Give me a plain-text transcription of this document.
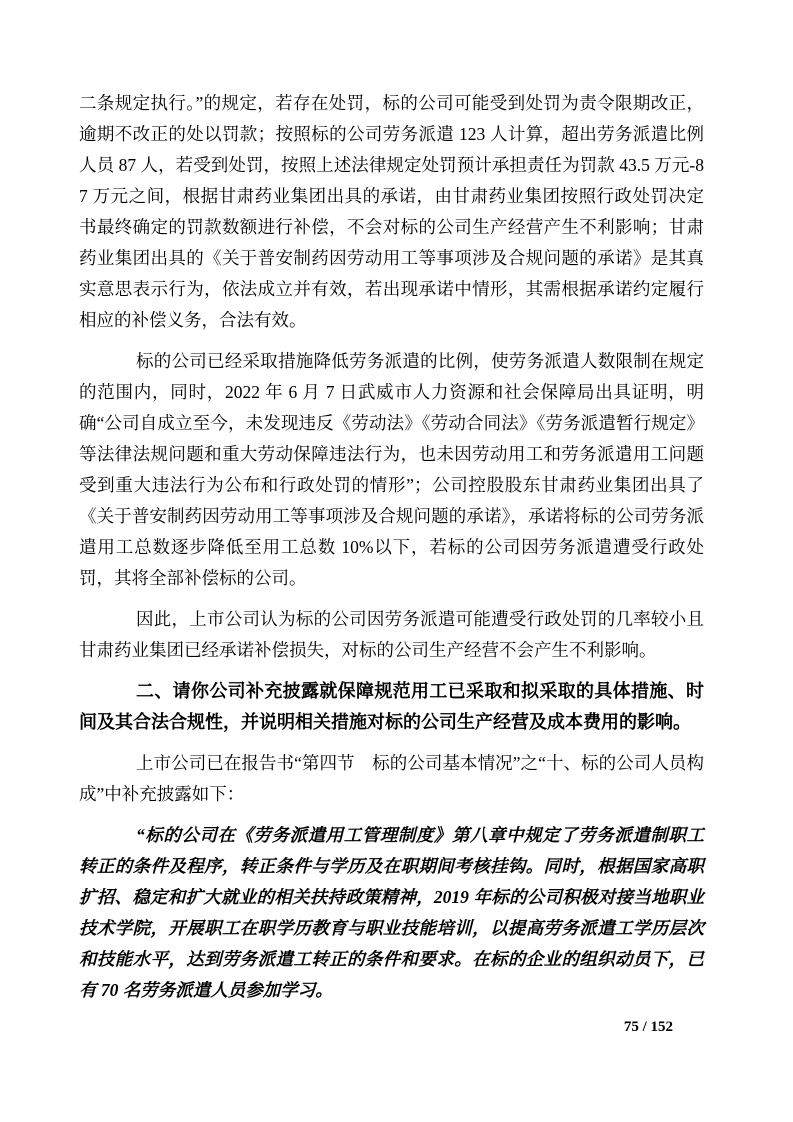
二条规定执行。”的规定，若存在处罚，标的公司可能受到处罚为责令限期改正，逾期不改正的处以罚款；按照标的公司劳务派遣 123 人计算，超出劳务派遣比例人员 87 人，若受到处罚，按照上述法律规定处罚预计承担责任为罚款 43.5 万元-87 万元之间，根据甘肃药业集团出具的承诺，由甘肃药业集团按照行政处罚决定书最终确定的罚款数额进行补偿，不会对标的公司生产经营产生不利影响；甘肃药业集团出具的《关于普安制药因劳动用工等事项涉及合规问题的承诺》是其真实意思表示行为，依法成立并有效，若出现承诺中情形，其需根据承诺约定履行相应的补偿义务，合法有效。

标的公司已经采取措施降低劳务派遣的比例，使劳务派遣人数限制在规定的范围内，同时，2022 年 6 月 7 日武威市人力资源和社会保障局出具证明，明确“公司自成立至今，未发现违反《劳动法》《劳动合同法》《劳务派遣暂行规定》等法律法规问题和重大劳动保障违法行为，也未因劳动用工和劳务派遣用工问题受到重大违法行为公布和行政处罚的情形”；公司控股股东甘肃药业集团出具了《关于普安制药因劳动用工等事项涉及合规问题的承诺》，承诺将标的公司劳务派遣用工总数逐步降低至用工总数 10%以下，若标的公司因劳务派遣遭受行政处罚，其将全部补偿标的公司。

因此，上市公司认为标的公司因劳务派遣可能遭受行政处罚的几率较小且甘肃药业集团已经承诺补偿损失，对标的公司生产经营不会产生不利影响。

二、请你公司补充披露就保障规范用工已采取和拟采取的具体措施、时间及其合法合规性，并说明相关措施对标的公司生产经营及成本费用的影响。

上市公司已在报告书“第四节　标的公司基本情况”之“十、标的公司人员构成”中补充披露如下：

“标的公司在《劳务派遣用工管理制度》第八章中规定了劳务派遣制职工转正的条件及程序，转正条件与学历及在职期间考核挂钩。同时，根据国家高职扩招、稳定和扩大就业的相关扶持政策精神，2019 年标的公司积极对接当地职业技术学院，开展职工在职学历教育与职业技能培训，以提高劳务派遣工学历层次和技能水平，达到劳务派遣工转正的条件和要求。在标的企业的组织动员下，已有 70 名劳务派遣人员参加学习。

75 / 152
